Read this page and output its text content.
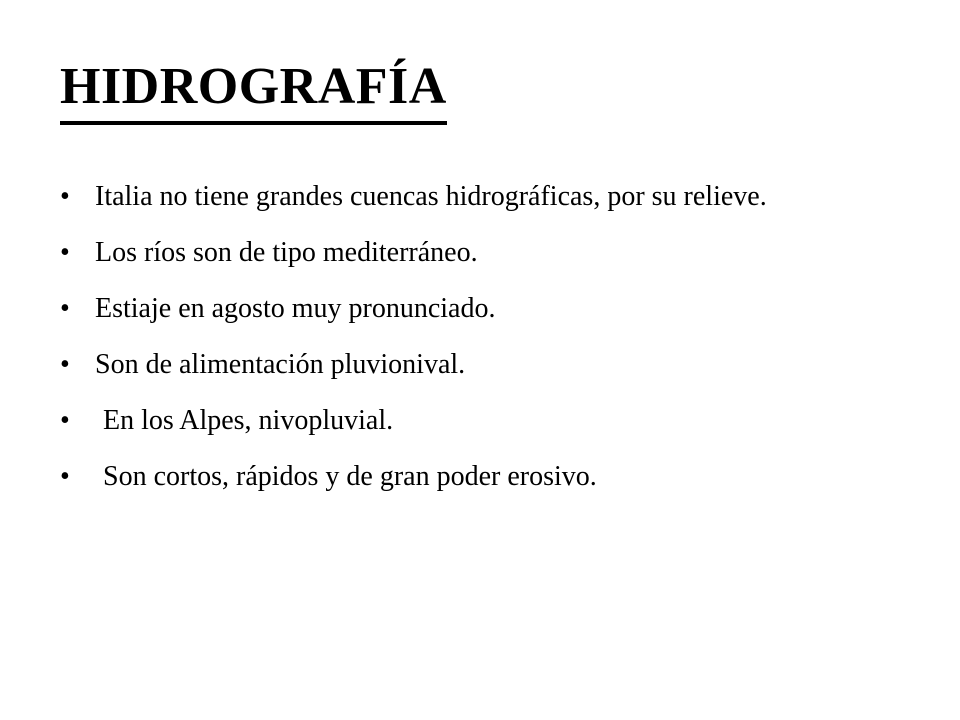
HIDROGRAFÍA
• Italia no tiene grandes cuencas hidrográficas, por su relieve.
• Los ríos son de tipo mediterráneo.
• Estiaje en agosto muy pronunciado.
• Son de alimentación pluvionival.
• En los Alpes, nivopluvial.
• Son cortos, rápidos y de gran poder erosivo.
